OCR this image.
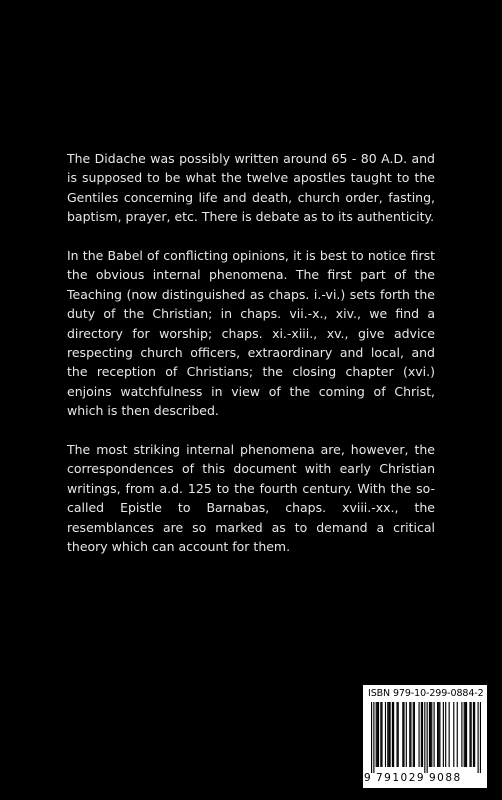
The Didache was possibly written around 65 - 80 A.D. and is supposed to be what the twelve apostles taught to the Gentiles concerning life and death, church order, fasting, baptism, prayer, etc. There is debate as to its authenticity.

In the Babel of conflicting opinions, it is best to notice first the obvious internal phenomena. The first part of the Teaching (now distinguished as chaps. i.-vi.) sets forth the duty of the Christian; in chaps. vii.-x., xiv., we find a directory for worship; chaps. xi.-xiii., xv., give advice respecting church officers, extraordinary and local, and the reception of Christians; the closing chapter (xvi.) enjoins watchfulness in view of the coming of Christ, which is then described.

The most striking internal phenomena are, however, the correspondences of this document with early Christian writings, from a.d. 125 to the fourth century. With the so-called Epistle to Barnabas, chaps. xviii.-xx., the resemblances are so marked as to demand a critical theory which can account for them.

ISBN 979-10-299-0884-2
9 791029 9088
